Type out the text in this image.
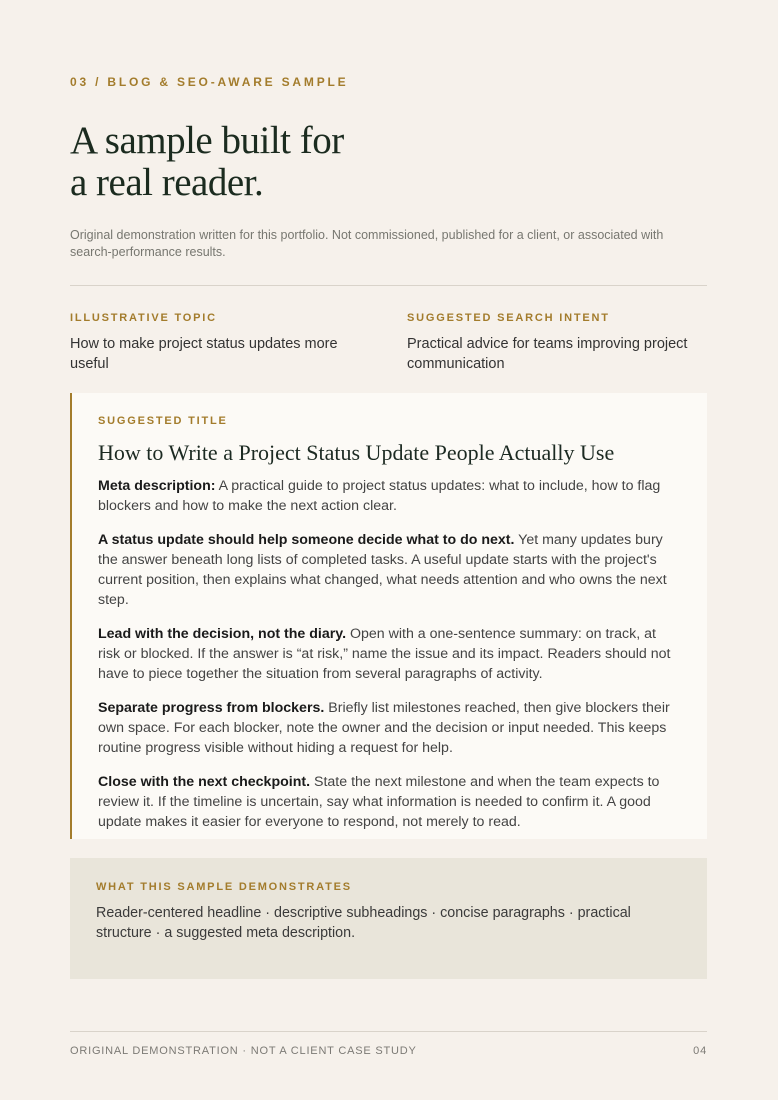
03 / BLOG & SEO-AWARE SAMPLE
A sample built for
a real reader.
Original demonstration written for this portfolio. Not commissioned, published for a client, or associated with search-performance results.
ILLUSTRATIVE TOPIC
How to make project status updates more useful
SUGGESTED SEARCH INTENT
Practical advice for teams improving project communication
SUGGESTED TITLE
How to Write a Project Status Update People Actually Use

Meta description: A practical guide to project status updates: what to include, how to flag blockers and how to make the next action clear.

A status update should help someone decide what to do next. Yet many updates bury the answer beneath long lists of completed tasks. A useful update starts with the project's current position, then explains what changed, what needs attention and who owns the next step.

Lead with the decision, not the diary. Open with a one-sentence summary: on track, at risk or blocked. If the answer is “at risk,” name the issue and its impact. Readers should not have to piece together the situation from several paragraphs of activity.

Separate progress from blockers. Briefly list milestones reached, then give blockers their own space. For each blocker, note the owner and the decision or input needed. This keeps routine progress visible without hiding a request for help.

Close with the next checkpoint. State the next milestone and when the team expects to review it. If the timeline is uncertain, say what information is needed to confirm it. A good update makes it easier for everyone to respond, not merely to read.

WHAT THIS SAMPLE DEMONSTRATES
Reader-centered headline · descriptive subheadings · concise paragraphs · practical structure · a suggested meta description.
ORIGINAL DEMONSTRATION · NOT A CLIENT CASE STUDY	04
